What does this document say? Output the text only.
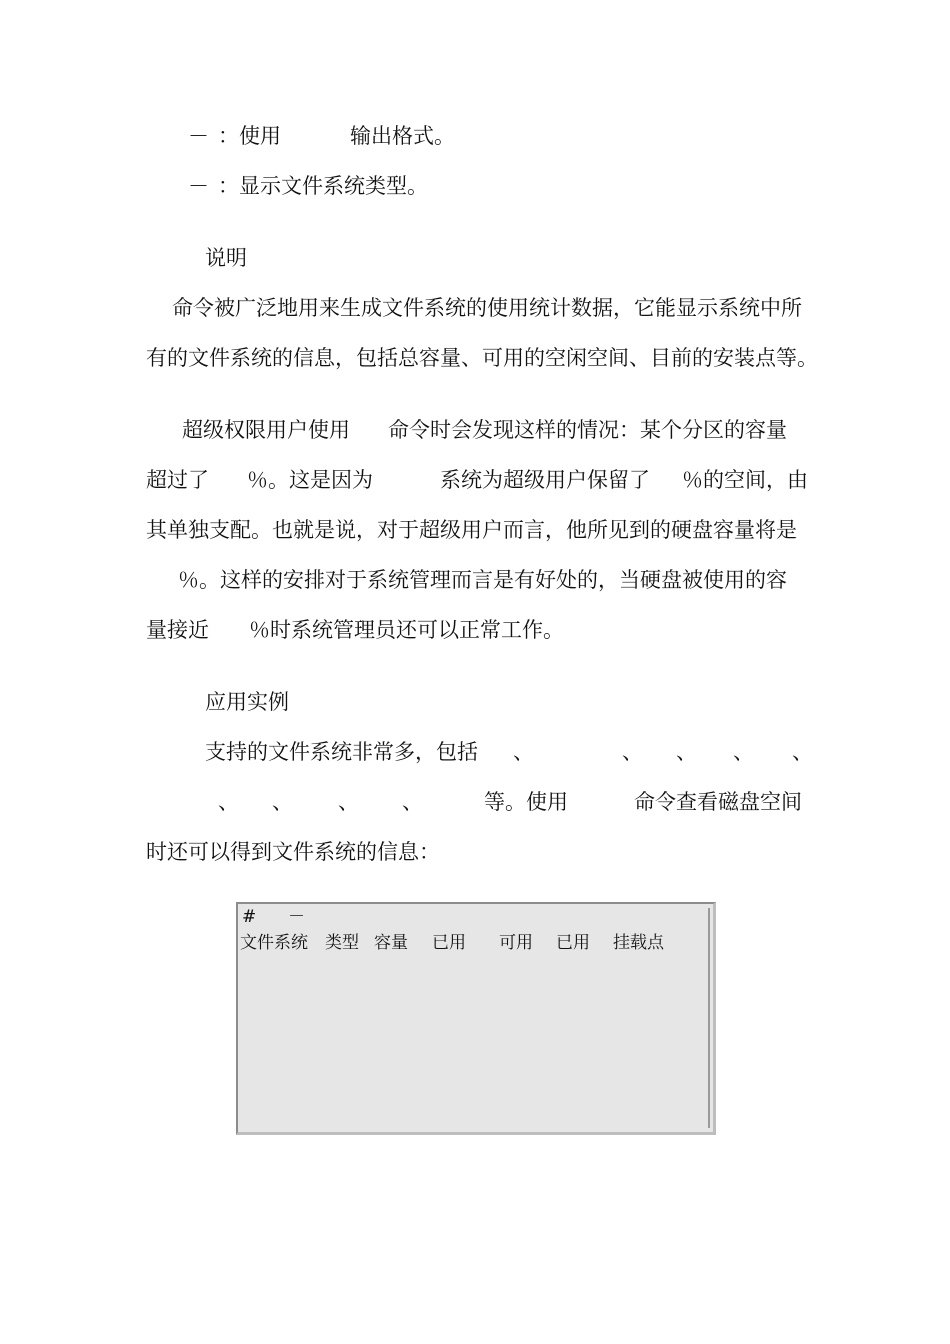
－ ：使用	输出格式。
－ ：显示文件系统类型。
说明
命令被广泛地用来生成文件系统的使用统计数据，它能显示系统中所
有的文件系统的信息，包括总容量、可用的空闲空间、目前的安装点等。
超级权限用户使用 命令时会发现这样的情况：某个分区的容量
超过了 ％。这是因为	系统为超级用户保留了 ％的空间，由
其单独支配。也就是说，对于超级用户而言，他所见到的硬盘容量将是
％。这样的安排对于系统管理而言是有好处的，当硬盘被使用的容
量接近 ％时系统管理员还可以正常工作。
应用实例
支持的文件系统非常多，包括 、	、 、 、 、
、 、 、 、	等。使用	命令查看磁盘空间
时还可以得到文件系统的信息：
# －
文件系统 类型 容量 已用 可用 已用 挂载点
